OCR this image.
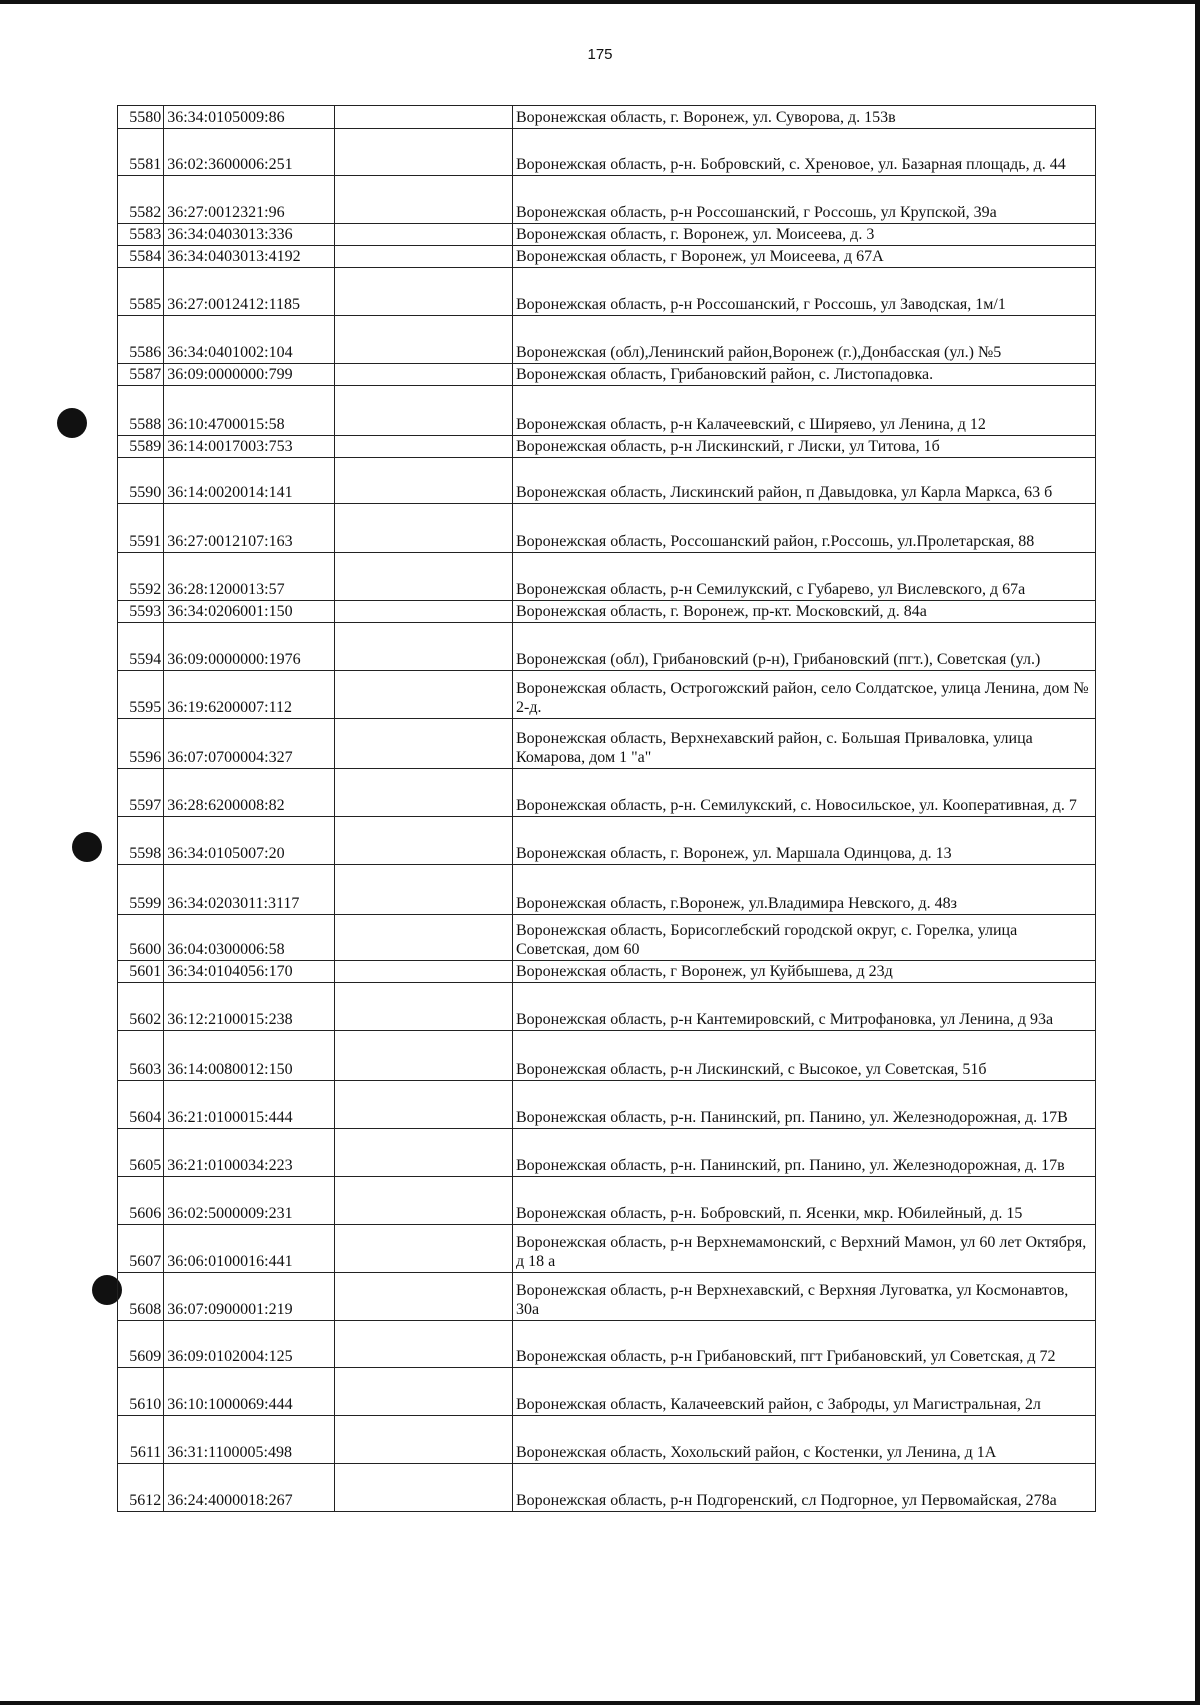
175
5580	36:34:0105009:86		Воронежская область, г. Воронеж, ул. Суворова, д. 153в
5581	36:02:3600006:251		Воронежская область, р-н. Бобровский, с. Хреновое, ул. Базарная площадь, д. 44
5582	36:27:0012321:96		Воронежская область, р-н Россошанский, г Россошь, ул Крупской, 39а
5583	36:34:0403013:336		Воронежская область, г. Воронеж, ул. Моисеева, д. 3
5584	36:34:0403013:4192		Воронежская область, г Воронеж, ул Моисеева, д 67А
5585	36:27:0012412:1185		Воронежская область, р-н Россошанский, г Россошь, ул Заводская, 1м/1
5586	36:34:0401002:104		Воронежская (обл),Ленинский район,Воронеж (г.),Донбасская (ул.) №5
5587	36:09:0000000:799		Воронежская область, Грибановский район, с. Листопадовка.
5588	36:10:4700015:58		Воронежская область, р-н Калачеевский, с Ширяево, ул Ленина, д 12
5589	36:14:0017003:753		Воронежская область, р-н Лискинский, г Лиски, ул Титова, 1б
5590	36:14:0020014:141		Воронежская область, Лискинский район, п Давыдовка, ул Карла Маркса, 63 б
5591	36:27:0012107:163		Воронежская область, Россошанский район, г.Россошь, ул.Пролетарская, 88
5592	36:28:1200013:57		Воронежская область, р-н Семилукский, с Губарево, ул Вислевского, д 67а
5593	36:34:0206001:150		Воронежская область, г. Воронеж, пр-кт. Московский, д. 84а
5594	36:09:0000000:1976		Воронежская (обл), Грибановский (р-н), Грибановский (пгт.), Советская (ул.)
5595	36:19:6200007:112		Воронежская область, Острогожский район, село Солдатское, улица Ленина, дом № 2-д.
5596	36:07:0700004:327		Воронежская область, Верхнехавский район, с. Большая Приваловка, улица Комарова, дом 1 "а"
5597	36:28:6200008:82		Воронежская область, р-н. Семилукский, с. Новосильское, ул. Кооперативная, д. 7
5598	36:34:0105007:20		Воронежская область, г. Воронеж, ул. Маршала Одинцова, д. 13
5599	36:34:0203011:3117		Воронежская область, г.Воронеж, ул.Владимира Невского, д. 48з
5600	36:04:0300006:58		Воронежская область, Борисоглебский городской округ, с. Горелка, улица Советская, дом 60
5601	36:34:0104056:170		Воронежская область, г Воронеж, ул Куйбышева, д 23д
5602	36:12:2100015:238		Воронежская область, р-н Кантемировский, с Митрофановка, ул Ленина, д 93а
5603	36:14:0080012:150		Воронежская область, р-н Лискинский, с Высокое, ул Советская, 51б
5604	36:21:0100015:444		Воронежская область, р-н. Панинский, рп. Панино, ул. Железнодорожная, д. 17В
5605	36:21:0100034:223		Воронежская область, р-н. Панинский, рп. Панино, ул. Железнодорожная, д. 17в
5606	36:02:5000009:231		Воронежская область, р-н. Бобровский, п. Ясенки, мкр. Юбилейный, д. 15
5607	36:06:0100016:441		Воронежская область, р-н Верхнемамонский, с Верхний Мамон, ул 60 лет Октября, д 18 а
5608	36:07:0900001:219		Воронежская область, р-н Верхнехавский, с Верхняя Луговатка, ул Космонавтов, 30а
5609	36:09:0102004:125		Воронежская область, р-н Грибановский, пгт Грибановский, ул Советская, д 72
5610	36:10:1000069:444		Воронежская область, Калачеевский район, с Заброды, ул Магистральная, 2л
5611	36:31:1100005:498		Воронежская область, Хохольский район, с Костенки, ул Ленина, д 1А
5612	36:24:4000018:267		Воронежская область, р-н Подгоренский, сл Подгорное, ул Первомайская, 278а
